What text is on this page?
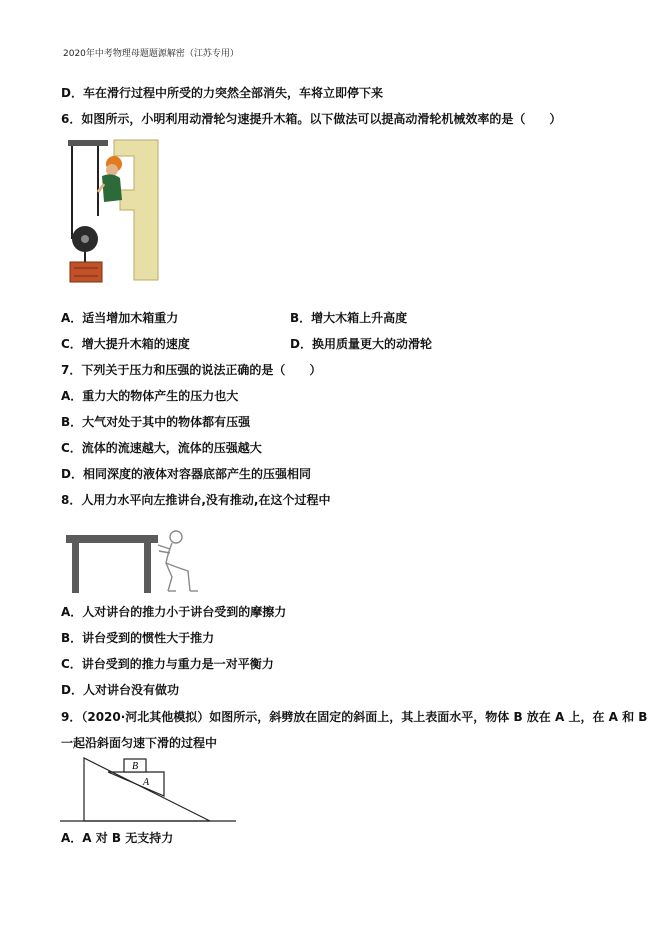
2020年中考物理母题题源解密（江苏专用）
D．车在滑行过程中所受的力突然全部消失，车将立即停下来
6．如图所示，小明利用动滑轮匀速提升木箱。以下做法可以提高动滑轮机械效率的是（　　）
A．适当增加木箱重力	B．增大木箱上升高度
C．增大提升木箱的速度	D．换用质量更大的动滑轮
7．下列关于压力和压强的说法正确的是（　　）
A．重力大的物体产生的压力也大
B．大气对处于其中的物体都有压强
C．流体的流速越大，流体的压强越大
D．相同深度的液体对容器底部产生的压强相同
8．人用力水平向左推讲台,没有推动,在这个过程中
A．人对讲台的推力小于讲台受到的摩擦力
B．讲台受到的惯性大于推力
C．讲台受到的推力与重力是一对平衡力
D．人对讲台没有做功
9．（2020·河北其他模拟）如图所示，斜劈放在固定的斜面上，其上表面水平，物体 B 放在 A 上，在 A 和 B
一起沿斜面匀速下滑的过程中
B
A
A．A 对 B 无支持力
